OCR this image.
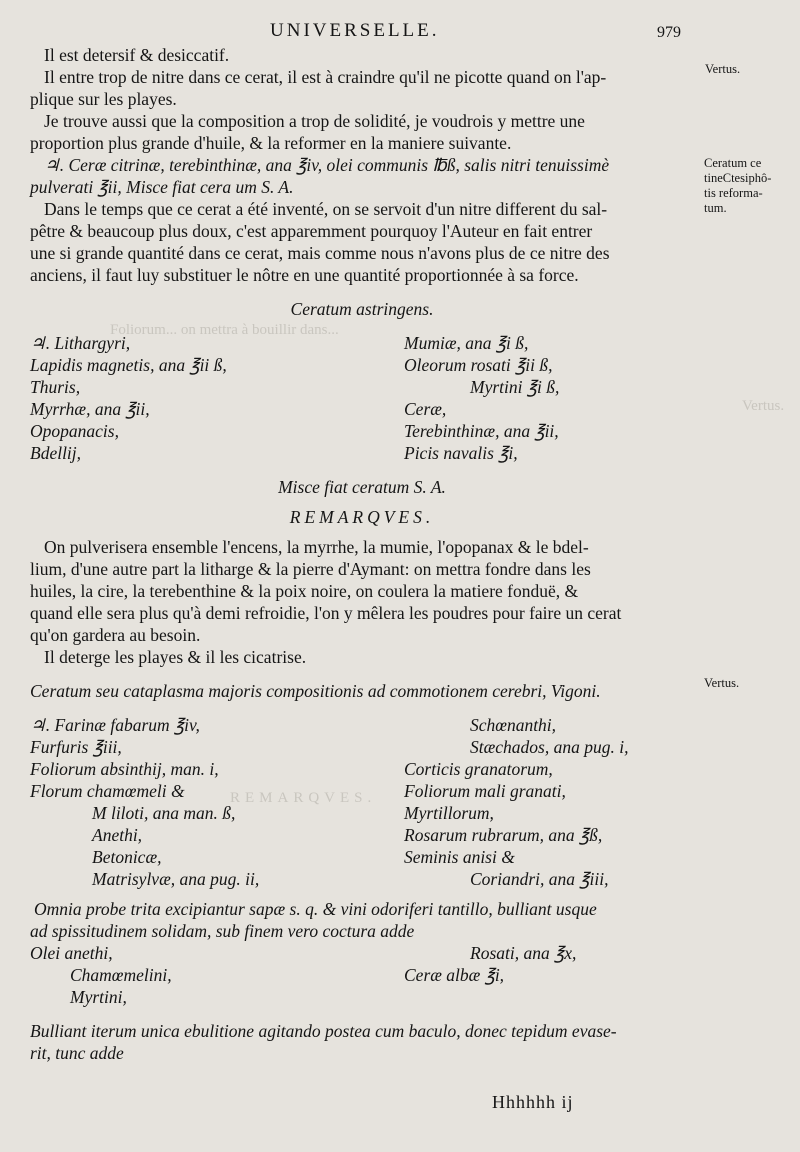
Foliorum... on mettra à bouillir dans...
Vertus.
REMARQVES.
UNIVERSELLE.	979
Vertus.
Ceratum ce
tineCtesiphô-
tis reforma-
tum.
Vertus.

Il est detersif & desiccatif.

Il entre trop de nitre dans ce cerat, il est à craindre qu'il ne picotte quand on l'ap-

plique sur les playes.

Je trouve aussi que la composition a trop de solidité, je voudrois y mettre une

proportion plus grande d'huile, & la reformer en la maniere suivante.

♃. Ceræ citrinæ, terebinthinæ, ana ℥iv, olei communis ℔ß, salis nitri tenuissimè

pulverati ℥ii, Misce fiat cera um S. A.

Dans le temps que ce cerat a été inventé, on se servoit d'un nitre different du sal-

pêtre & beaucoup plus doux, c'est apparemment pourquoy l'Auteur en fait entrer

une si grande quantité dans ce cerat, mais comme nous n'avons plus de ce nitre des

anciens, il faut luy substituer le nôtre en une quantité proportionnée à sa force.

Ceratum astringens.

♃. Lithargyri,	Mumiæ, ana ℥i ß,
Lapidis magnetis, ana ℥ii ß,	Oleorum rosati ℥ii ß,
Thuris,	Myrtini ℥i ß,
Myrrhæ, ana ℥ii,	Ceræ,
Opopanacis,	Terebinthinæ, ana ℥ii,
Bdellij,	Picis navalis ℥i,

Misce fiat ceratum S. A.

REMARQVES.

On pulverisera ensemble l'encens, la myrrhe, la mumie, l'opopanax & le bdel-

lium, d'une autre part la litharge & la pierre d'Aymant: on mettra fondre dans les

huiles, la cire, la terebenthine & la poix noire, on coulera la matiere fonduë, &

quand elle sera plus qu'à demi refroidie, l'on y mêlera les poudres pour faire un cerat

qu'on gardera au besoin.

Il deterge les playes & il les cicatrise.

Ceratum seu cataplasma majoris compositionis ad commotionem cerebri, Vigoni.

♃. Farinæ fabarum ℥iv,	Schœnanthi,
Furfuris ℥iii,	Stæchados, ana pug. i,
Foliorum absinthij, man. i,	Corticis granatorum,
Florum chamœmeli &	Foliorum mali granati,
M liloti, ana man. ß,	Myrtillorum,
Anethi,	Rosarum rubrarum, ana ℥ß,
Betonicæ,	Seminis anisi &
Matrisylvæ, ana pug. ii,	Coriandri, ana ℥iii,

Omnia probe trita excipiantur sapæ s. q. & vini odoriferi tantillo, bulliant usque

ad spissitudinem solidam, sub finem vero coctura adde

Olei anethi,	Rosati, ana ℥x,
Chamœmelini,	Ceræ albæ ℥i,
Myrtini,

Bulliant iterum unica ebulitione agitando postea cum baculo, donec tepidum evase-

rit, tunc adde

Hhhhhh ij
